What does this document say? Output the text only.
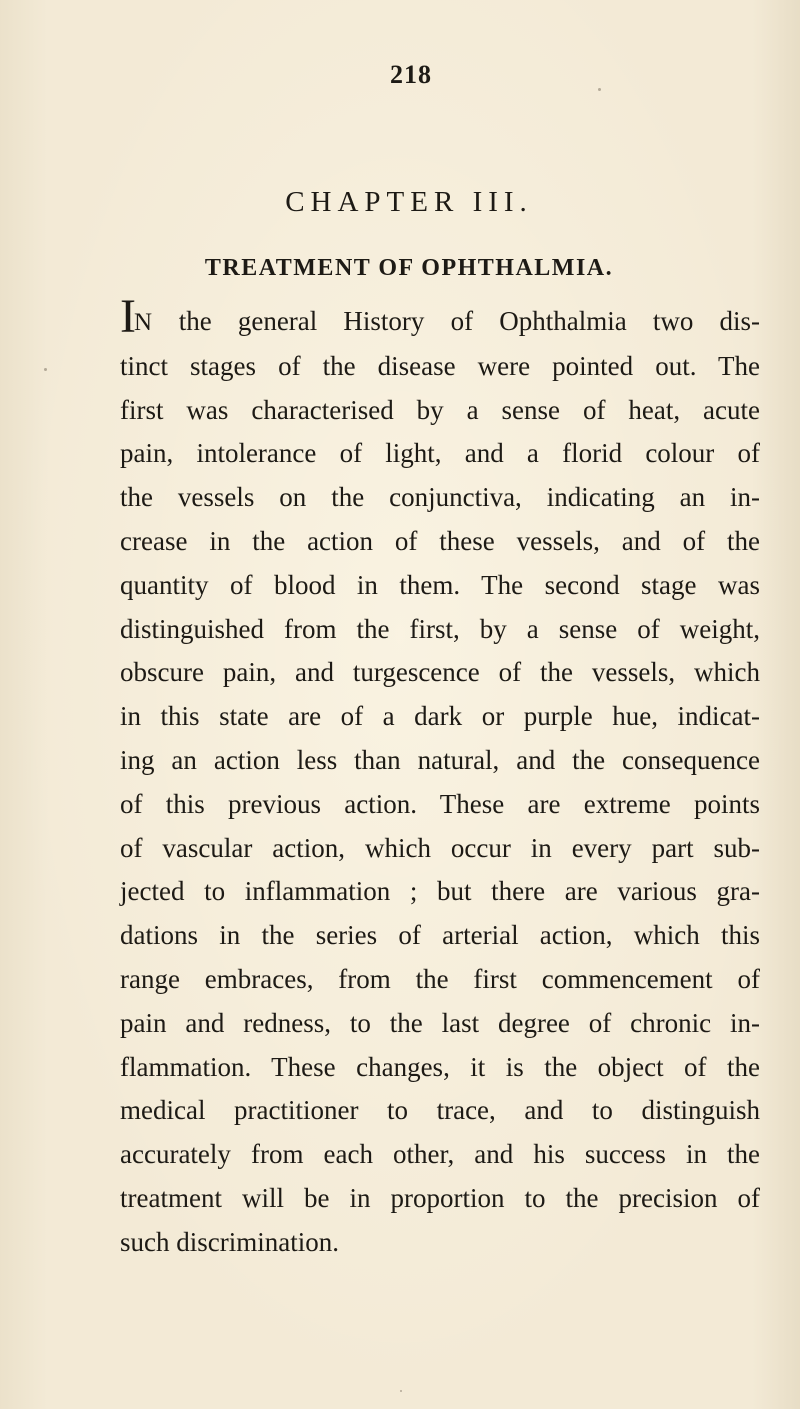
218
CHAPTER III.
TREATMENT OF OPHTHALMIA.
IN the general History of Ophthalmia two dis-
tinct stages of the disease were pointed out. The
first was characterised by a sense of heat, acute
pain, intolerance of light, and a florid colour of
the vessels on the conjunctiva, indicating an in-
crease in the action of these vessels, and of the
quantity of blood in them. The second stage was
distinguished from the first, by a sense of weight,
obscure pain, and turgescence of the vessels, which
in this state are of a dark or purple hue, indicat-
ing an action less than natural, and the consequence
of this previous action. These are extreme points
of vascular action, which occur in every part sub-
jected to inflammation ; but there are various gra-
dations in the series of arterial action, which this
range embraces, from the first commencement of
pain and redness, to the last degree of chronic in-
flammation. These changes, it is the object of the
medical practitioner to trace, and to distinguish
accurately from each other, and his success in the
treatment will be in proportion to the precision of
such discrimination.
